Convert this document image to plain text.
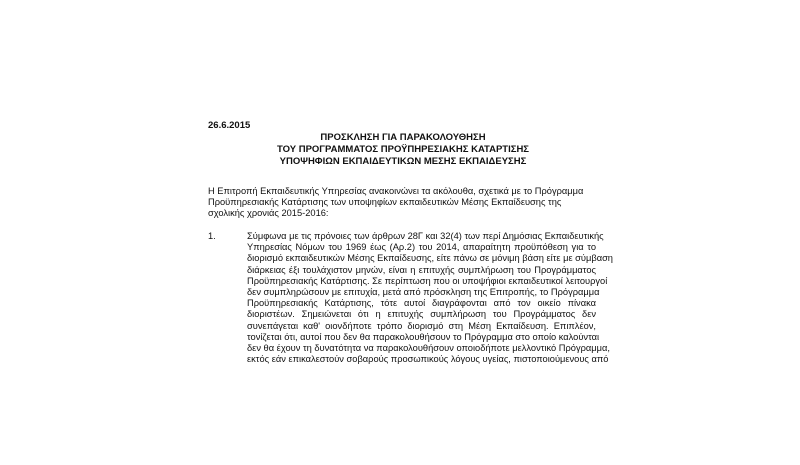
26.6.2015
ΠΡΟΣΚΛΗΣΗ ΓΙΑ ΠΑΡΑΚΟΛΟΥΘΗΣΗ
ΤΟΥ ΠΡΟΓΡΑΜΜΑΤΟΣ ΠΡΟΫΠΗΡΕΣΙΑΚΗΣ ΚΑΤΑΡΤΙΣΗΣ
ΥΠΟΨΗΦΙΩΝ ΕΚΠΑΙΔΕΥΤΙΚΩΝ ΜΕΣΗΣ ΕΚΠΑΙΔΕΥΣΗΣ
Η Επιτροπή Εκπαιδευτικής Υπηρεσίας ανακοινώνει τα ακόλουθα, σχετικά με το Πρόγραμμα
Προϋπηρεσιακής Κατάρτισης των υποψηφίων εκπαιδευτικών Μέσης Εκπαίδευσης της
σχολικής χρονιάς 2015-2016:
1.	Σύμφωνα με τις πρόνοιες των άρθρων 28Γ και 32(4) των περί Δημόσιας Εκπαιδευτικής
Υπηρεσίας Νόμων του 1969 έως (Αρ.2) του 2014, απαραίτητη προϋπόθεση για το
διορισμό εκπαιδευτικών Μέσης Εκπαίδευσης, είτε πάνω σε μόνιμη βάση είτε με σύμβαση
διάρκειας έξι τουλάχιστον μηνών, είναι η επιτυχής συμπλήρωση του Προγράμματος
Προϋπηρεσιακής Κατάρτισης. Σε περίπτωση που οι υποψήφιοι εκπαιδευτικοί λειτουργοί
δεν συμπληρώσουν με επιτυχία, μετά από πρόσκληση της Επιτροπής, το Πρόγραμμα
Προϋπηρεσιακής Κατάρτισης, τότε αυτοί διαγράφονται από τον οικείο πίνακα
διοριστέων. Σημειώνεται ότι η επιτυχής συμπλήρωση του Προγράμματος δεν
συνεπάγεται καθ' οιονδήποτε τρόπο διορισμό στη Μέση Εκπαίδευση. Επιπλέον,
τονίζεται ότι, αυτοί που δεν θα παρακολουθήσουν το Πρόγραμμα στο οποίο καλούνται
δεν θα έχουν τη δυνατότητα να παρακολουθήσουν οποιοδήποτε μελλοντικό Πρόγραμμα,
εκτός εάν επικαλεστούν σοβαρούς προσωπικούς λόγους υγείας, πιστοποιούμενους από
